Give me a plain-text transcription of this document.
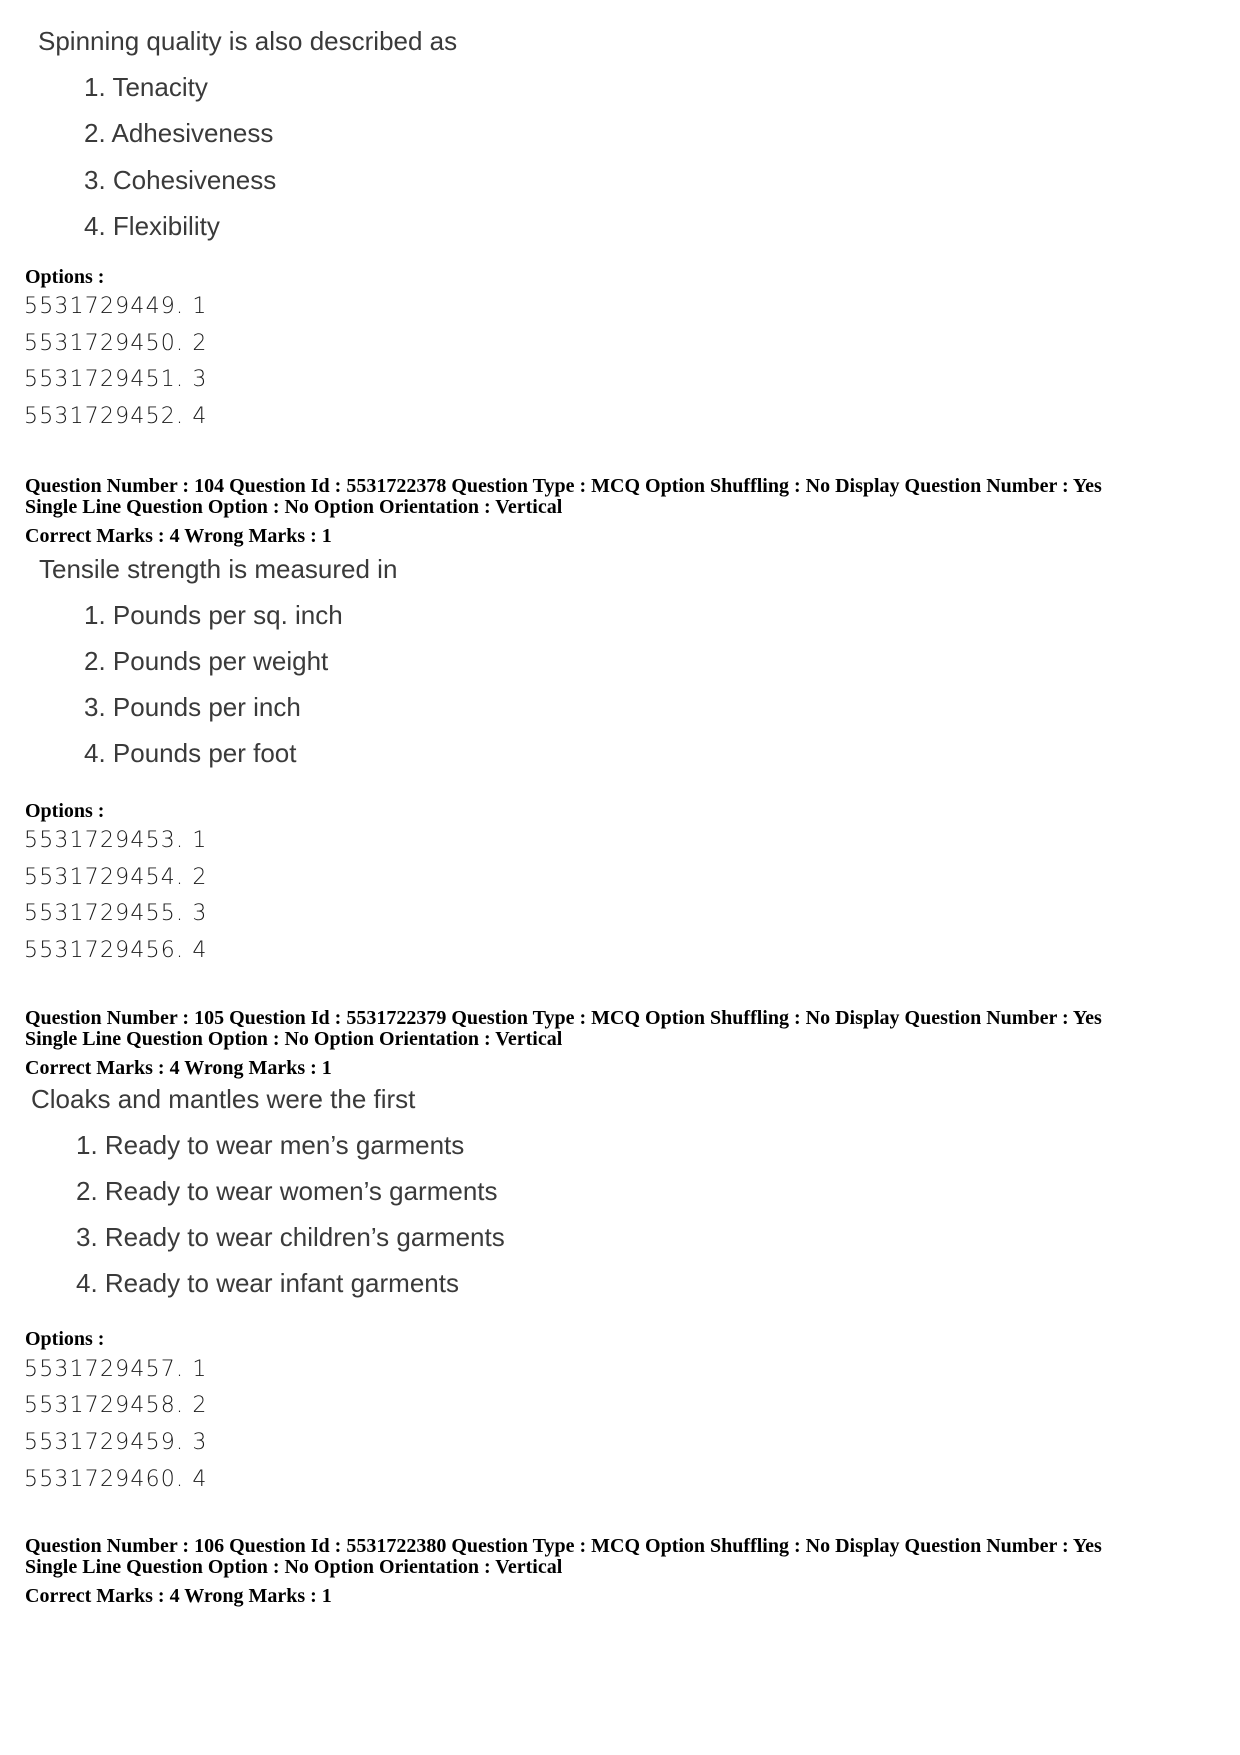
Spinning quality is also described as
1. Tenacity
2. Adhesiveness
3. Cohesiveness
4. Flexibility
Options :
5531729449. 1
5531729450. 2
5531729451. 3
5531729452. 4
Question Number : 104 Question Id : 5531722378 Question Type : MCQ Option Shuffling : No Display Question Number : Yes
Single Line Question Option : No Option Orientation : Vertical
Correct Marks : 4 Wrong Marks : 1
Tensile strength is measured in
1. Pounds per sq. inch
2. Pounds per weight
3. Pounds per inch
4. Pounds per foot
Options :
5531729453. 1
5531729454. 2
5531729455. 3
5531729456. 4
Question Number : 105 Question Id : 5531722379 Question Type : MCQ Option Shuffling : No Display Question Number : Yes
Single Line Question Option : No Option Orientation : Vertical
Correct Marks : 4 Wrong Marks : 1
Cloaks and mantles were the first
1. Ready to wear men’s garments
2. Ready to wear women’s garments
3. Ready to wear children’s garments
4. Ready to wear infant garments
Options :
5531729457. 1
5531729458. 2
5531729459. 3
5531729460. 4
Question Number : 106 Question Id : 5531722380 Question Type : MCQ Option Shuffling : No Display Question Number : Yes
Single Line Question Option : No Option Orientation : Vertical
Correct Marks : 4 Wrong Marks : 1
